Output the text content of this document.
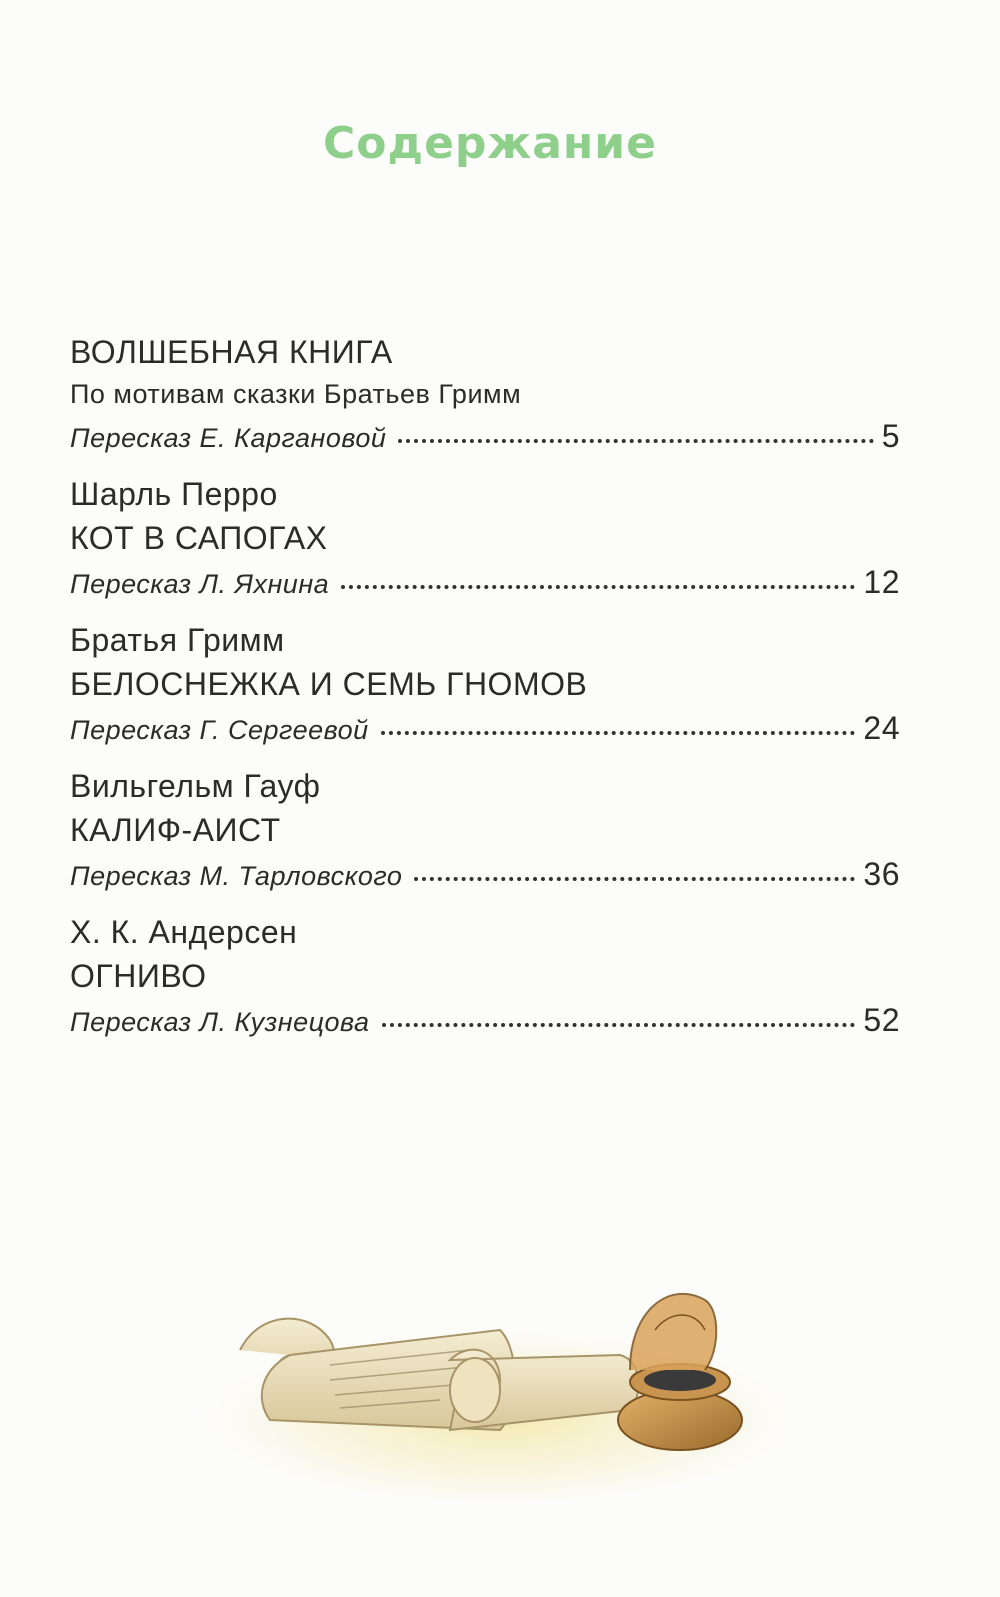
Содержание
ВОЛШЕБНАЯ КНИГА
По мотивам сказки Братьев Гримм
Пересказ Е. Каргановой	5
Шарль Перро
КОТ В САПОГАХ
Пересказ Л. Яхнина	12
Братья Гримм
БЕЛОСНЕЖКА И СЕМЬ ГНОМОВ
Пересказ Г. Сергеевой	24
Вильгельм Гауф
КАЛИФ-АИСТ
Пересказ М. Тарловского	36
Х. К. Андерсен
ОГНИВО
Пересказ Л. Кузнецова	52
